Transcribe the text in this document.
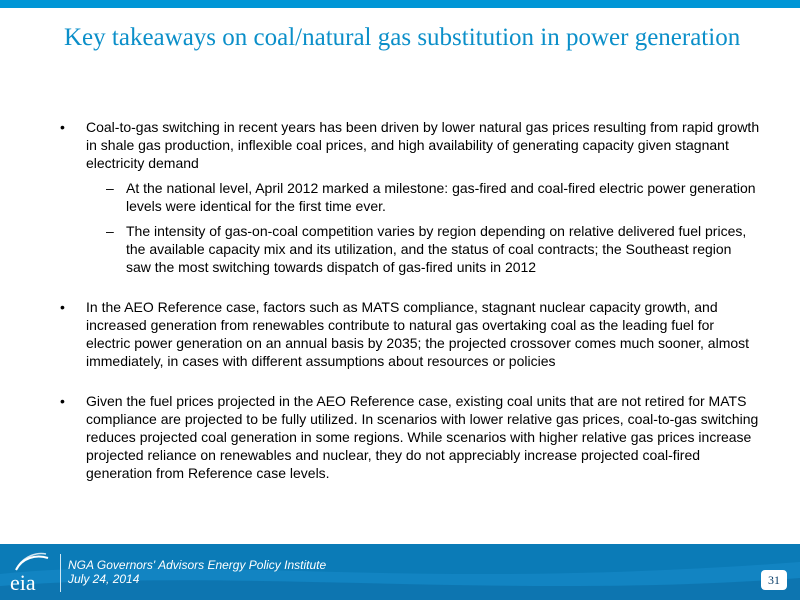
Key takeaways on coal/natural gas substitution in power generation

• Coal-to-gas switching in recent years has been driven by lower natural gas prices resulting from rapid growth in shale gas production, inflexible coal prices, and high availability of generating capacity given stagnant electricity demand

– At the national level, April 2012 marked a milestone: gas-fired and coal-fired electric power generation levels were identical for the first time ever.

– The intensity of gas-on-coal competition varies by region depending on relative delivered fuel prices, the available capacity mix and its utilization, and the status of coal contracts; the Southeast region saw the most switching towards dispatch of gas-fired units in 2012

• In the AEO Reference case, factors such as MATS compliance, stagnant nuclear capacity growth, and increased generation from renewables contribute to natural gas overtaking coal as the leading fuel for electric power generation on an annual basis by 2035; the projected crossover comes much sooner, almost immediately, in cases with different assumptions about resources or policies

• Given the fuel prices projected in the AEO Reference case, existing coal units that are not retired for MATS compliance are projected to be fully utilized. In scenarios with lower relative gas prices, coal-to-gas switching reduces projected coal generation in some regions. While scenarios with higher relative gas prices increase projected reliance on renewables and nuclear, they do not appreciably increase projected coal-fired generation from Reference case levels.

eia
NGA Governors' Advisors Energy Policy Institute
July 24, 2014	31
